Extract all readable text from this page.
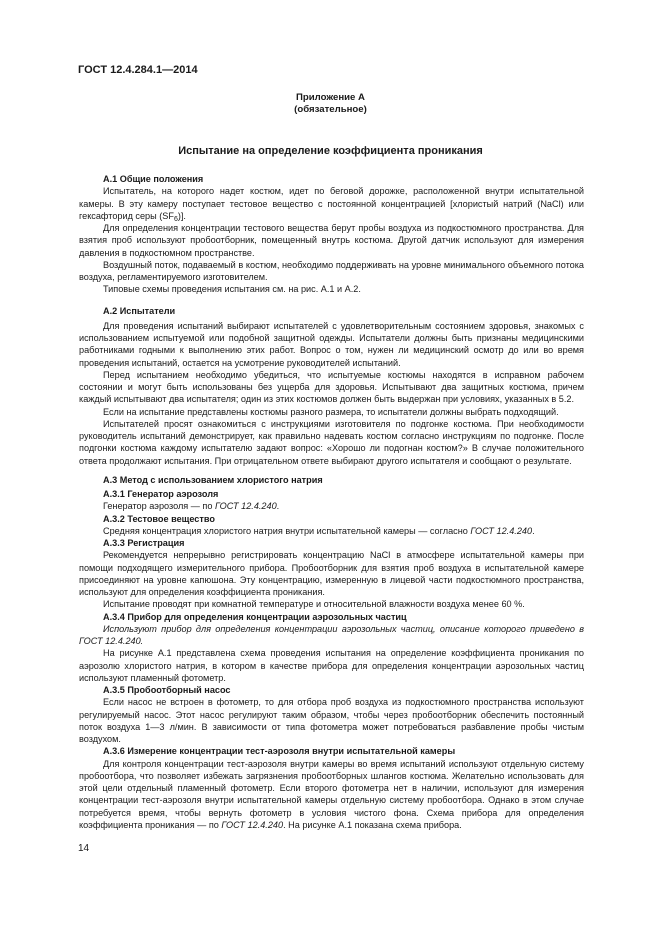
ГОСТ 12.4.284.1—2014
Приложение А
(обязательное)
Испытание на определение коэффициента проникания
А.1 Общие положения

Испытатель, на которого надет костюм, идет по беговой дорожке, расположенной внутри испытательной камеры. В эту камеру поступает тестовое вещество с постоянной концентрацией [хлористый натрий (NaCl) или гексафторид серы $(SF_6)$].

Для определения концентрации тестового вещества берут пробы воздуха из подкостюмного пространства. Для взятия проб используют пробоотборник, помещенный внутрь костюма. Другой датчик используют для измерения давления в подкостюмном пространстве.

Воздушный поток, подаваемый в костюм, необходимо поддерживать на уровне минимального объемного потока воздуха, регламентируемого изготовителем.

Типовые схемы проведения испытания см. на рис. А.1 и А.2.

А.2 Испытатели

Для проведения испытаний выбирают испытателей с удовлетворительным состоянием здоровья, знакомых с использованием испытуемой или подобной защитной одежды. Испытатели должны быть признаны медицинскими работниками годными к выполнению этих работ. Вопрос о том, нужен ли медицинский осмотр до или во время проведения испытаний, остается на усмотрение руководителей испытаний.

Перед испытанием необходимо убедиться, что испытуемые костюмы находятся в исправном рабочем состоянии и могут быть использованы без ущерба для здоровья. Испытывают два защитных костюма, причем каждый испытывают два испытателя; один из этих костюмов должен быть выдержан при условиях, указанных в 5.2.

Если на испытание представлены костюмы разного размера, то испытатели должны выбрать подходящий.

Испытателей просят ознакомиться с инструкциями изготовителя по подгонке костюма. При необходимости руководитель испытаний демонстрирует, как правильно надевать костюм согласно инструкциям по подгонке. После подгонки костюма каждому испытателю задают вопрос: «Хорошо ли подогнан костюм?» В случае положительного ответа продолжают испытания. При отрицательном ответе выбирают другого испытателя и сообщают о результате.

А.3 Метод с использованием хлористого натрия
А.3.1 Генератор аэрозоля

Генератор аэрозоля — по ГОСТ 12.4.240.

А.3.2 Тестовое вещество

Средняя концентрация хлористого натрия внутри испытательной камеры — согласно ГОСТ 12.4.240.

А.3.3 Регистрация

Рекомендуется непрерывно регистрировать концентрацию NaCl в атмосфере испытательной камеры при помощи подходящего измерительного прибора. Пробоотборник для взятия проб воздуха в испытательной камере присоединяют на уровне капюшона. Эту концентрацию, измеренную в лицевой части подкостюмного пространства, используют для определения коэффициента проникания.

Испытание проводят при комнатной температуре и относительной влажности воздуха менее 60 %.

А.3.4 Прибор для определения концентрации аэрозольных частиц

Используют прибор для определения концентрации аэрозольных частиц, описание которого приведено в ГОСТ 12.4.240.

На рисунке А.1 представлена схема проведения испытания на определение коэффициента проникания по аэрозолю хлористого натрия, в котором в качестве прибора для определения концентрации аэрозольных частиц используют пламенный фотометр.

А.3.5 Пробоотборный насос

Если насос не встроен в фотометр, то для отбора проб воздуха из подкостюмного пространства используют регулируемый насос. Этот насос регулируют таким образом, чтобы через пробоотборник обеспечить постоянный поток воздуха 1—3 л/мин. В зависимости от типа фотометра может потребоваться разбавление пробы чистым воздухом.

А.3.6 Измерение концентрации тест-аэрозоля внутри испытательной камеры

Для контроля концентрации тест-аэрозоля внутри камеры во время испытаний используют отдельную систему пробоотбора, что позволяет избежать загрязнения пробоотборных шлангов костюма. Желательно использовать для этой цели отдельный пламенный фотометр. Если второго фотометра нет в наличии, используют для измерения концентрации тест-аэрозоля внутри испытательной камеры отдельную систему пробоотбора. Однако в этом случае потребуется время, чтобы вернуть фотометр в условия чистого фона. Схема прибора для определения коэффициента проникания — по ГОСТ 12.4.240. На рисунке А.1 показана схема прибора.

14
